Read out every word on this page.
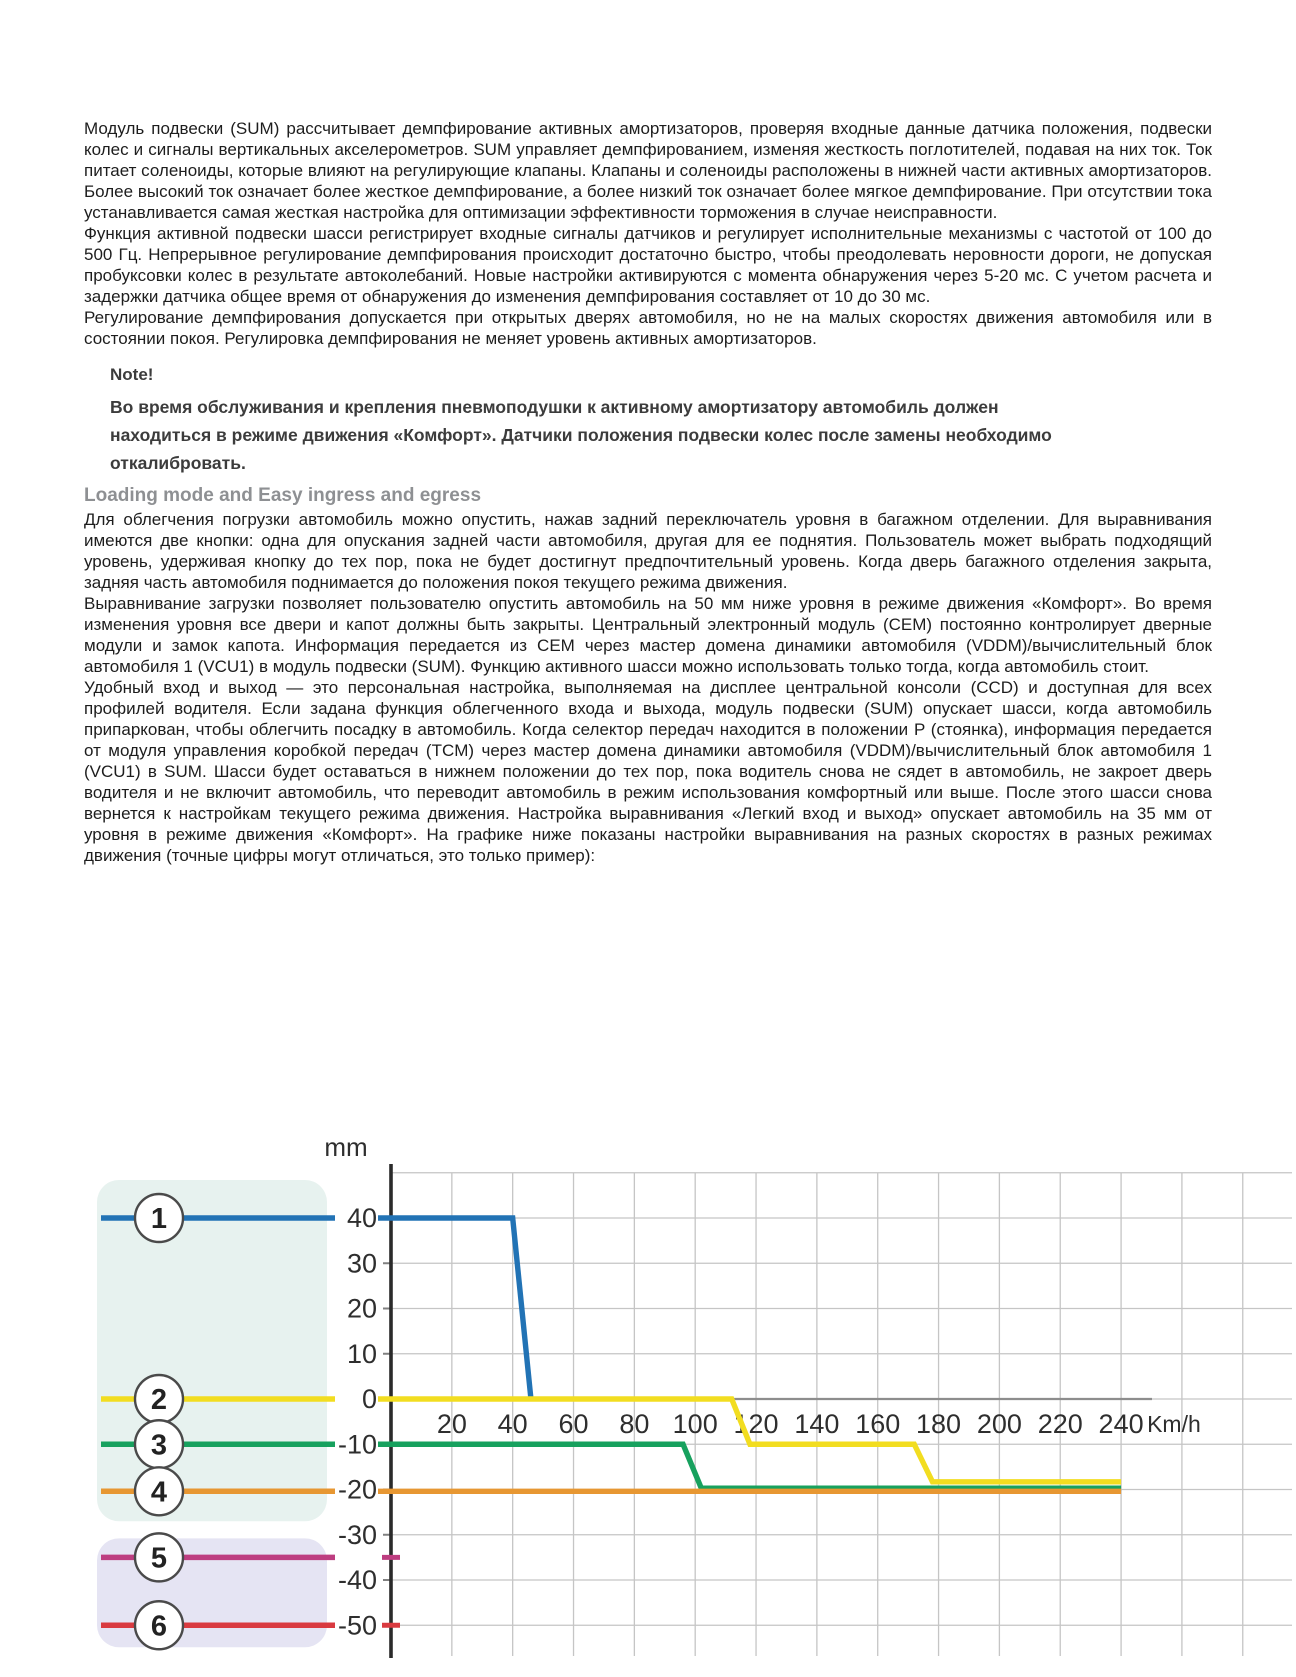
Модуль подвески (SUM) рассчитывает демпфирование активных амортизаторов, проверяя входные данные датчика положения, подвески колес и сигналы вертикальных акселерометров. SUM управляет демпфированием, изменяя жесткость поглотителей, подавая на них ток. Ток питает соленоиды, которые влияют на регулирующие клапаны. Клапаны и соленоиды расположены в нижней части активных амортизаторов. Более высокий ток означает более жесткое демпфирование, а более низкий ток означает более мягкое демпфирование. При отсутствии тока устанавливается самая жесткая настройка для оптимизации эффективности торможения в случае неисправности.

Функция активной подвески шасси регистрирует входные сигналы датчиков и регулирует исполнительные механизмы с частотой от 100 до 500 Гц. Непрерывное регулирование демпфирования происходит достаточно быстро, чтобы преодолевать неровности дороги, не допуская пробуксовки колес в результате автоколебаний. Новые настройки активируются с момента обнаружения через 5-20 мс. С учетом расчета и задержки датчика общее время от обнаружения до изменения демпфирования составляет от 10 до 30 мс.

Регулирование демпфирования допускается при открытых дверях автомобиля, но не на малых скоростях движения автомобиля или в состоянии покоя. Регулировка демпфирования не меняет уровень активных амортизаторов.

Note!

Во время обслуживания и крепления пневмоподушки к активному амортизатору автомобиль должен находиться в режиме движения «Комфорт». Датчики положения подвески колес после замены необходимо откалибровать.

Loading mode and Easy ingress and egress

Для облегчения погрузки автомобиль можно опустить, нажав задний переключатель уровня в багажном отделении. Для выравнивания имеются две кнопки: одна для опускания задней части автомобиля, другая для ее поднятия. Пользователь может выбрать подходящий уровень, удерживая кнопку до тех пор, пока не будет достигнут предпочтительный уровень. Когда дверь багажного отделения закрыта, задняя часть автомобиля поднимается до положения покоя текущего режима движения.

Выравнивание загрузки позволяет пользователю опустить автомобиль на 50 мм ниже уровня в режиме движения «Комфорт». Во время изменения уровня все двери и капот должны быть закрыты. Центральный электронный модуль (CEM) постоянно контролирует дверные модули и замок капота. Информация передается из CEM через мастер домена динамики автомобиля (VDDM)/вычислительный блок автомобиля 1 (VCU1) в модуль подвески (SUM). Функцию активного шасси можно использовать только тогда, когда автомобиль стоит.

Удобный вход и выход — это персональная настройка, выполняемая на дисплее центральной консоли (CCD) и доступная для всех профилей водителя. Если задана функция облегченного входа и выхода, модуль подвески (SUM) опускает шасси, когда автомобиль припаркован, чтобы облегчить посадку в автомобиль. Когда селектор передач находится в положении P (стоянка), информация передается от модуля управления коробкой передач (TCM) через мастер домена динамики автомобиля (VDDM)/вычислительный блок автомобиля 1 (VCU1) в SUM. Шасси будет оставаться в нижнем положении до тех пор, пока водитель снова не сядет в автомобиль, не закроет дверь водителя и не включит автомобиль, что переводит автомобиль в режим использования комфортный или выше. После этого шасси снова вернется к настройкам текущего режима движения. Настройка выравнивания «Легкий вход и выход» опускает автомобиль на 35 мм от уровня в режиме движения «Комфорт». На графике ниже показаны настройки выравнивания на разных скоростях в разных режимах движения (точные цифры могут отличаться, это только пример):

40
30
20
10
0
-10
-20
-30
-40
-50
20 40 60 80 100 120 140 160 180 200 220 240
mm
Km/h
1
2
3
4
5
6
